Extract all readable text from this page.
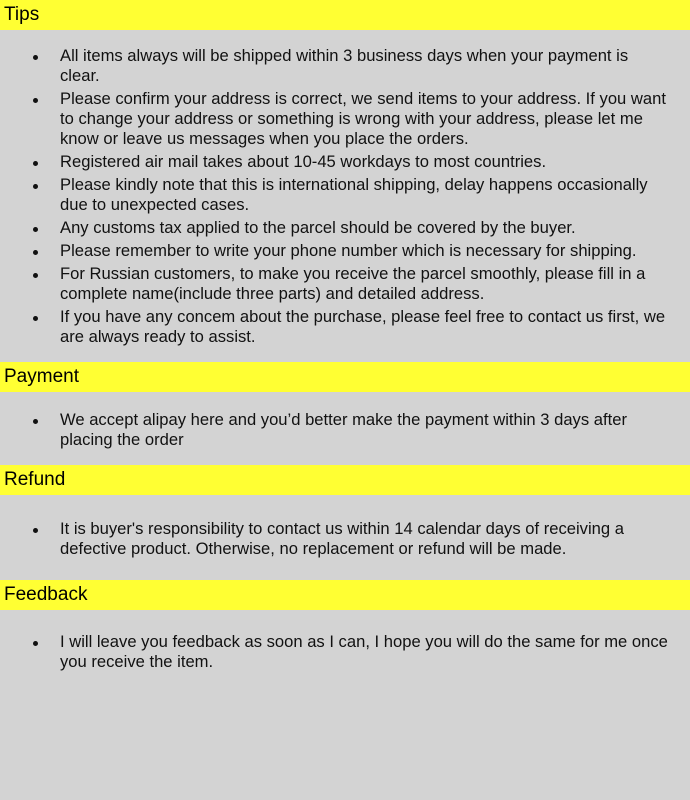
Tips
All items always will be shipped within 3 business days when your payment is clear.
Please confirm your address is correct, we send items to your address. If you want to change your address or something is wrong with your address, please let me know or leave us messages when you place the orders.
Registered air mail takes about 10-45 workdays to most countries.
Please kindly note that this is international shipping, delay happens occasionally due to unexpected cases.
Any customs tax applied to the parcel should be covered by the buyer.
Please remember to write your phone number which is necessary for shipping.
For Russian customers, to make you receive the parcel smoothly, please fill in a complete name(include three parts) and detailed address.
If you have any concem about the purchase, please feel free to contact us first, we are always ready to assist.
Payment
We accept alipay here and you’d better make the payment within 3 days after placing the order
Refund
It is buyer's responsibility to contact us within 14 calendar days of receiving a defective product. Otherwise, no replacement or refund will be made.
Feedback
I will leave you feedback as soon as I can, I hope you will do the same for me once you receive the item.
